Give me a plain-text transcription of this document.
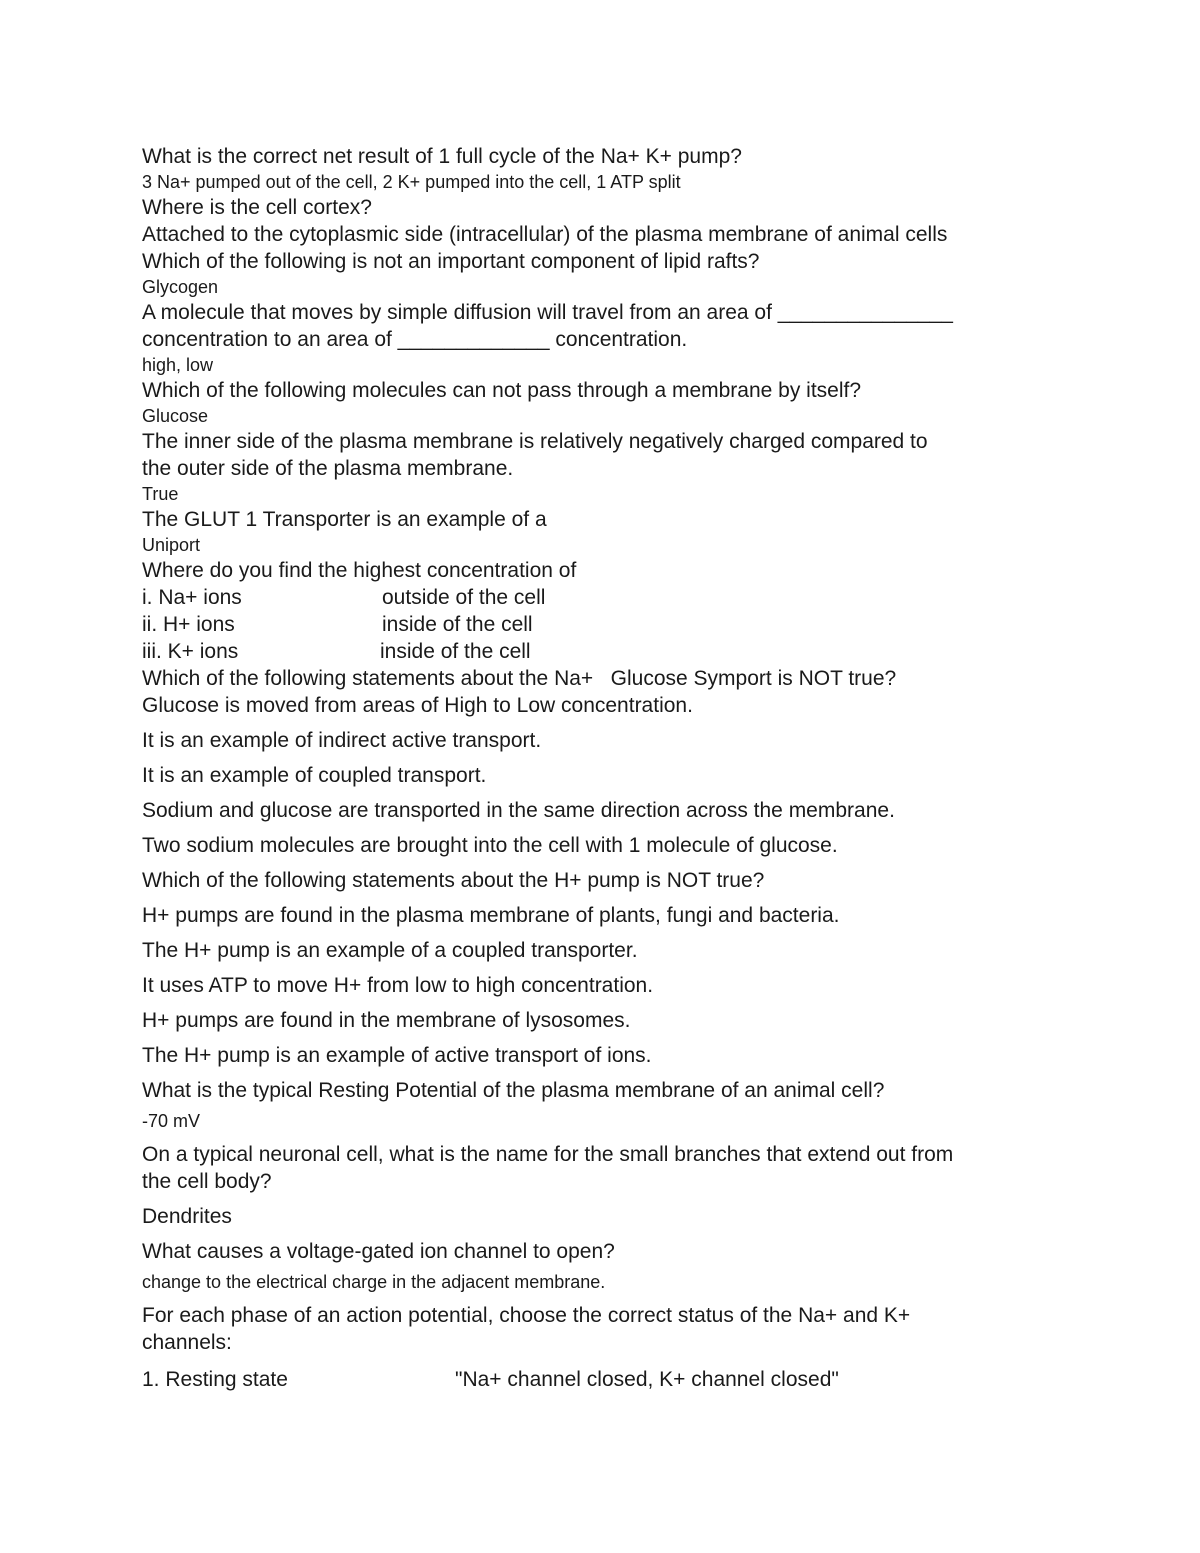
What is the correct net result of 1 full cycle of the Na+ K+ pump?
3 Na+ pumped out of the cell, 2 K+ pumped into the cell, 1 ATP split
Where is the cell cortex?
Attached to the cytoplasmic side (intracellular) of the plasma membrane of animal cells
Which of the following is not an important component of lipid rafts?
Glycogen
A molecule that moves by simple diffusion will travel from an area of _______________
concentration to an area of _____________ concentration.
high, low
Which of the following molecules can not pass through a membrane by itself?
Glucose
The inner side of the plasma membrane is relatively negatively charged compared to
the outer side of the plasma membrane.
True
The GLUT 1 Transporter is an example of a
Uniport
Where do you find the highest concentration of
i. Na+ ions	outside of the cell
ii. H+ ions	inside of the cell
iii. K+ ions	inside of the cell
Which of the following statements about the Na+   Glucose Symport is NOT true?
Glucose is moved from areas of High to Low concentration.
It is an example of indirect active transport.
It is an example of coupled transport.
Sodium and glucose are transported in the same direction across the membrane.
Two sodium molecules are brought into the cell with 1 molecule of glucose.
Which of the following statements about the H+ pump is NOT true?
H+ pumps are found in the plasma membrane of plants, fungi and bacteria.
The H+ pump is an example of a coupled transporter.
It uses ATP to move H+ from low to high concentration.
H+ pumps are found in the membrane of lysosomes.
The H+ pump is an example of active transport of ions.
What is the typical Resting Potential of the plasma membrane of an animal cell?
-70 mV
On a typical neuronal cell, what is the name for the small branches that extend out from
the cell body?
Dendrites
What causes a voltage-gated ion channel to open?
change to the electrical charge in the adjacent membrane.
For each phase of an action potential, choose the correct status of the Na+ and K+
channels:
1. Resting state	"Na+ channel closed, K+ channel closed"
